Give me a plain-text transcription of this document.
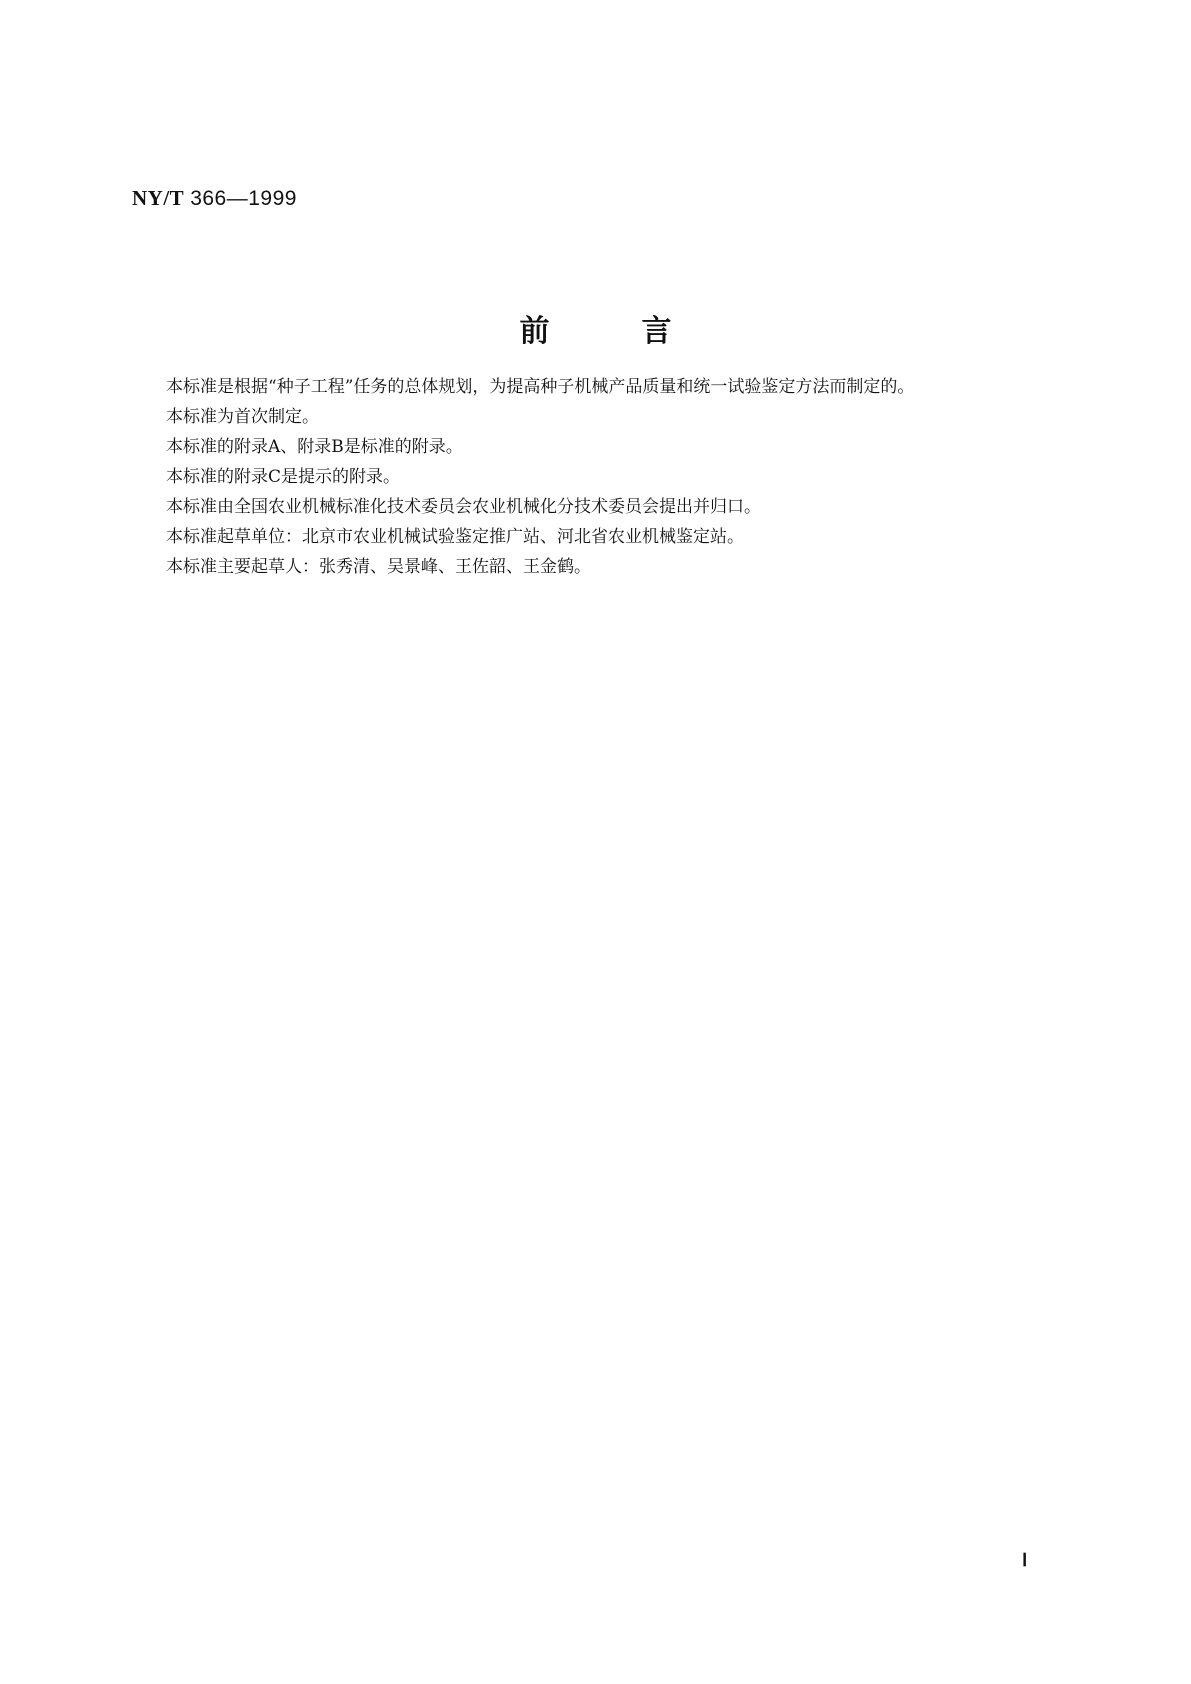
NY/T 366—1999
前言

本标准是根据“种子工程”任务的总体规划，为提高种子机械产品质量和统一试验鉴定方法而制定的。

本标准为首次制定。

本标准的附录A、附录B是标准的附录。

本标准的附录C是提示的附录。

本标准由全国农业机械标准化技术委员会农业机械化分技术委员会提出并归口。

本标准起草单位：北京市农业机械试验鉴定推广站、河北省农业机械鉴定站。

本标准主要起草人：张秀清、吴景峰、王佐韶、王金鹤。

Ⅰ
